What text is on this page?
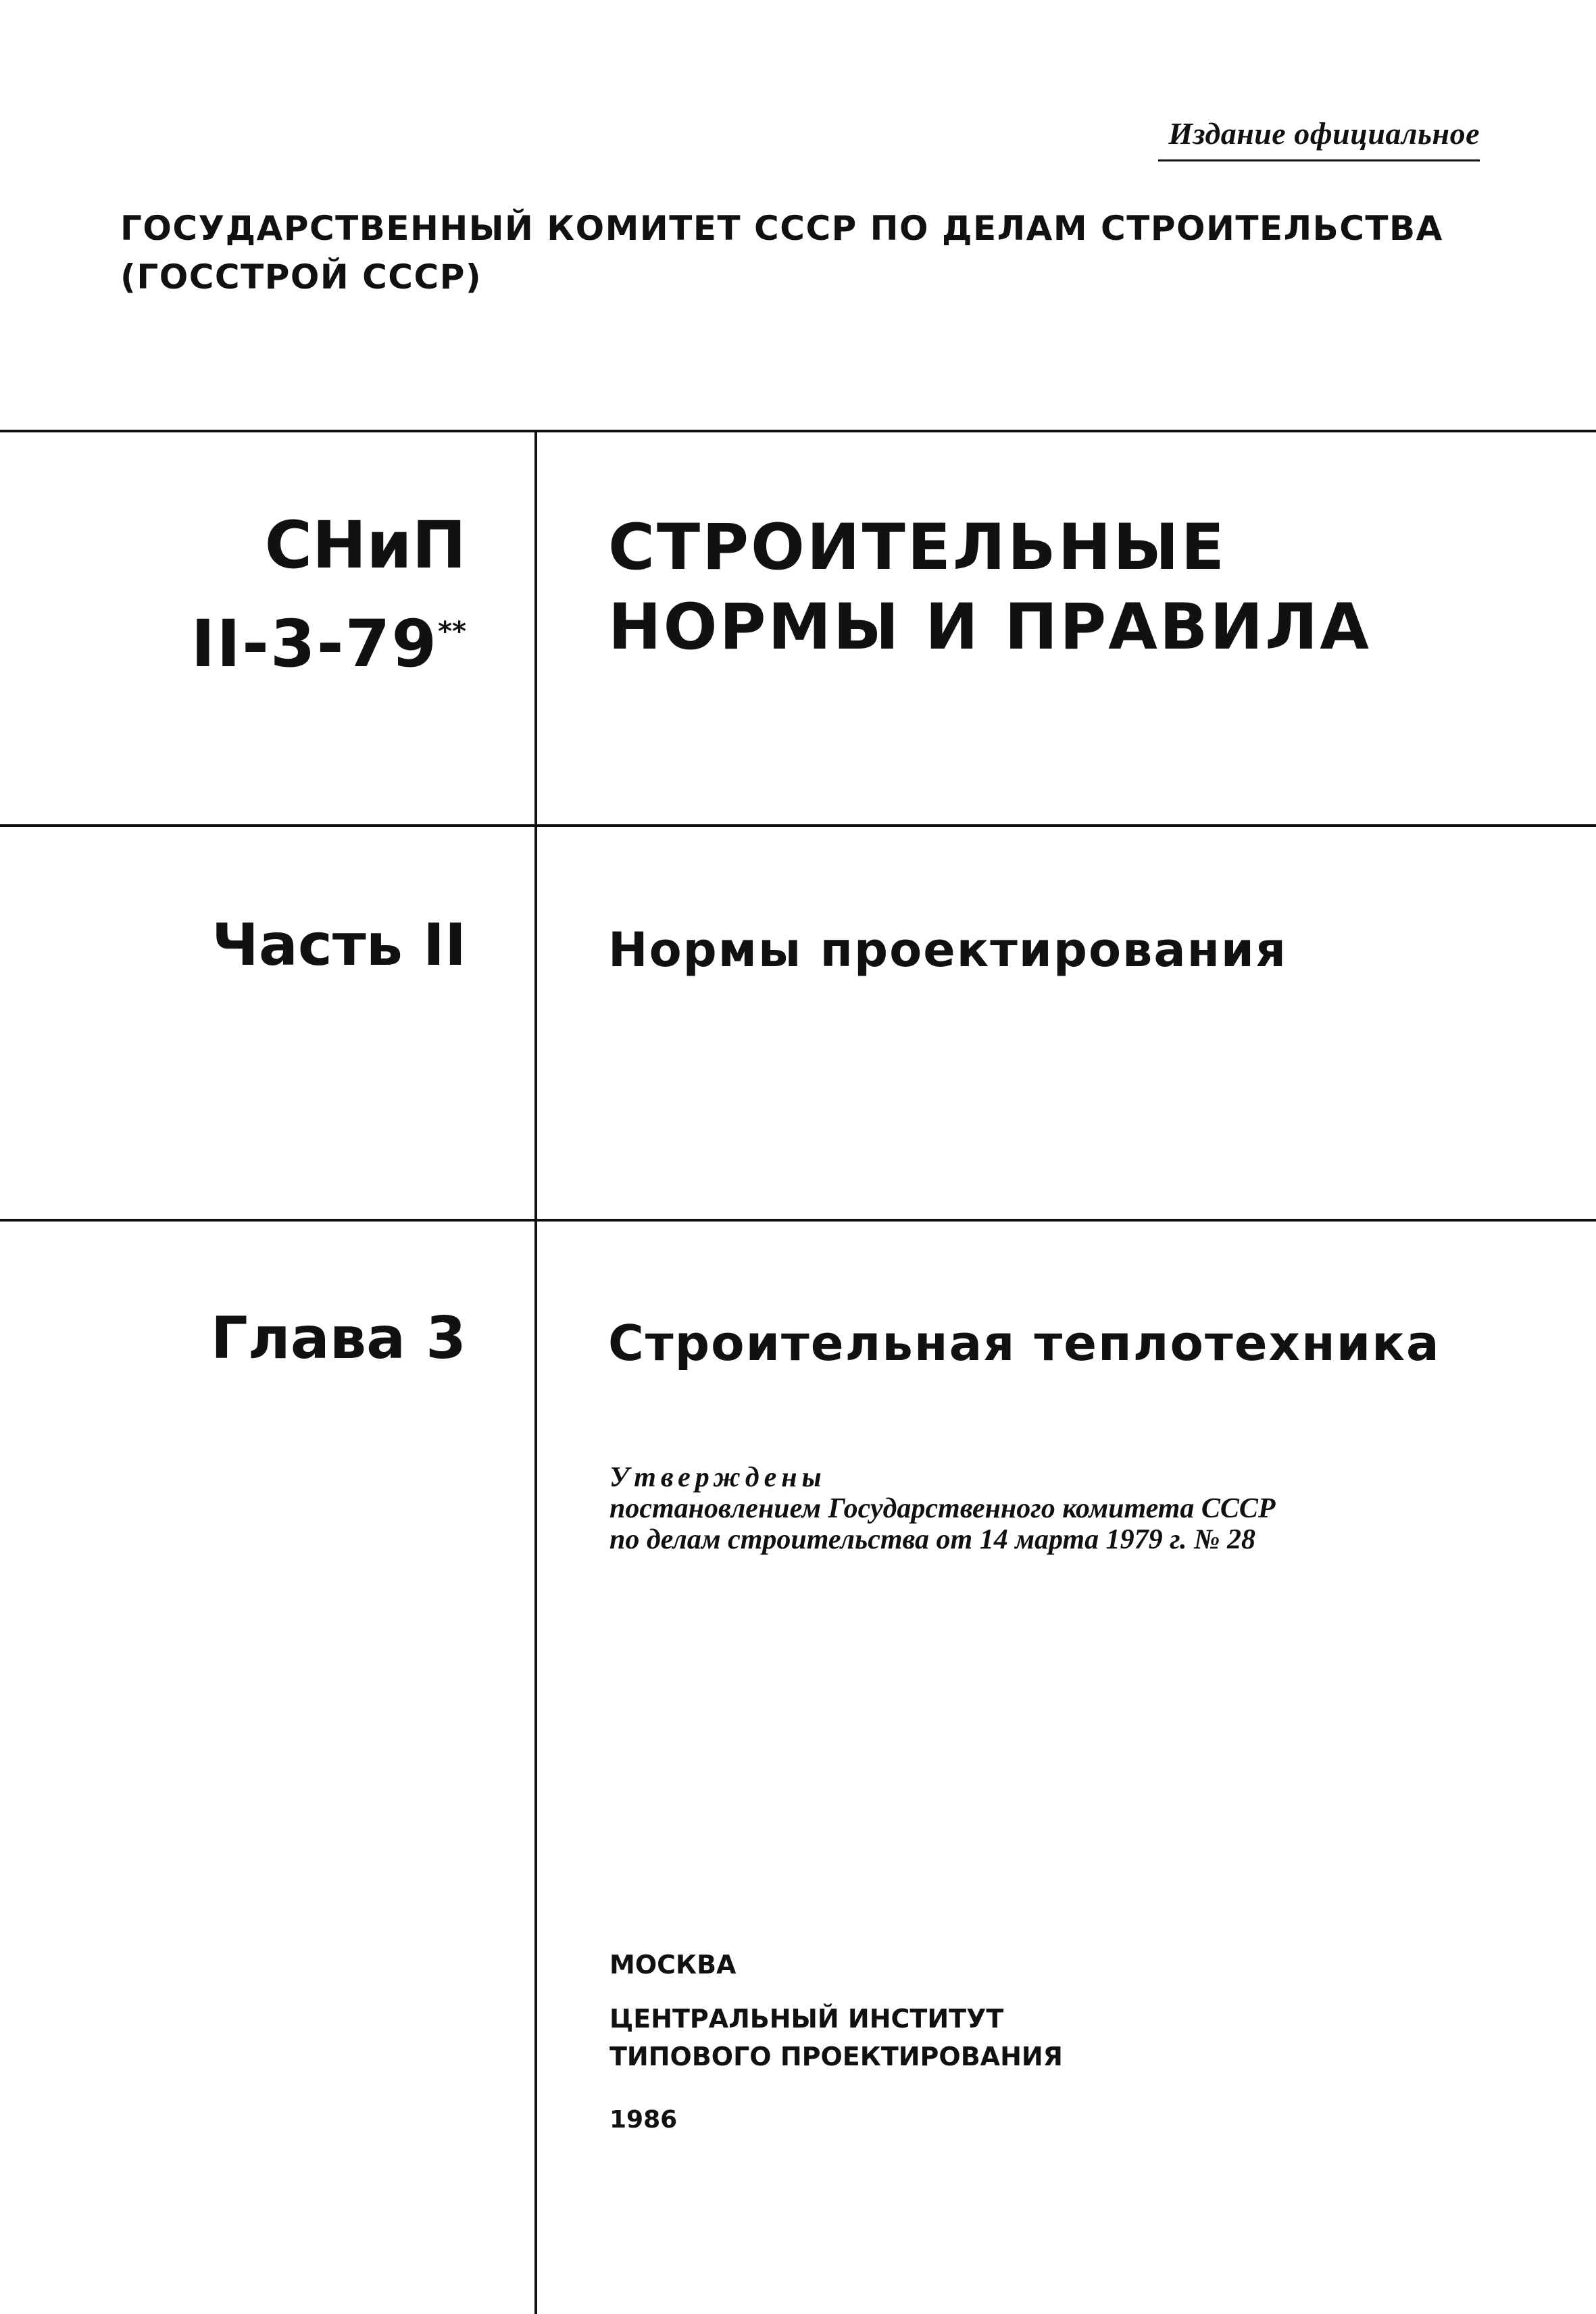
Издание официальное
ГОСУДАРСТВЕННЫЙ КОМИТЕТ СССР ПО ДЕЛАМ СТРОИТЕЛЬСТВА
(ГОССТРОЙ СССР)
СНиП
II-3-79**
СТРОИТЕЛЬНЫЕ
НОРМЫ И ПРАВИЛА
Часть II	Нормы проектирования
Глава 3	Строительная теплотехника
Утверждены
постановлением Государственного комитета СССР
по делам строительства от 14 марта 1979 г. № 28
МОСКВА
ЦЕНТРАЛЬНЫЙ ИНСТИТУТ
ТИПОВОГО ПРОЕКТИРОВАНИЯ
1986
